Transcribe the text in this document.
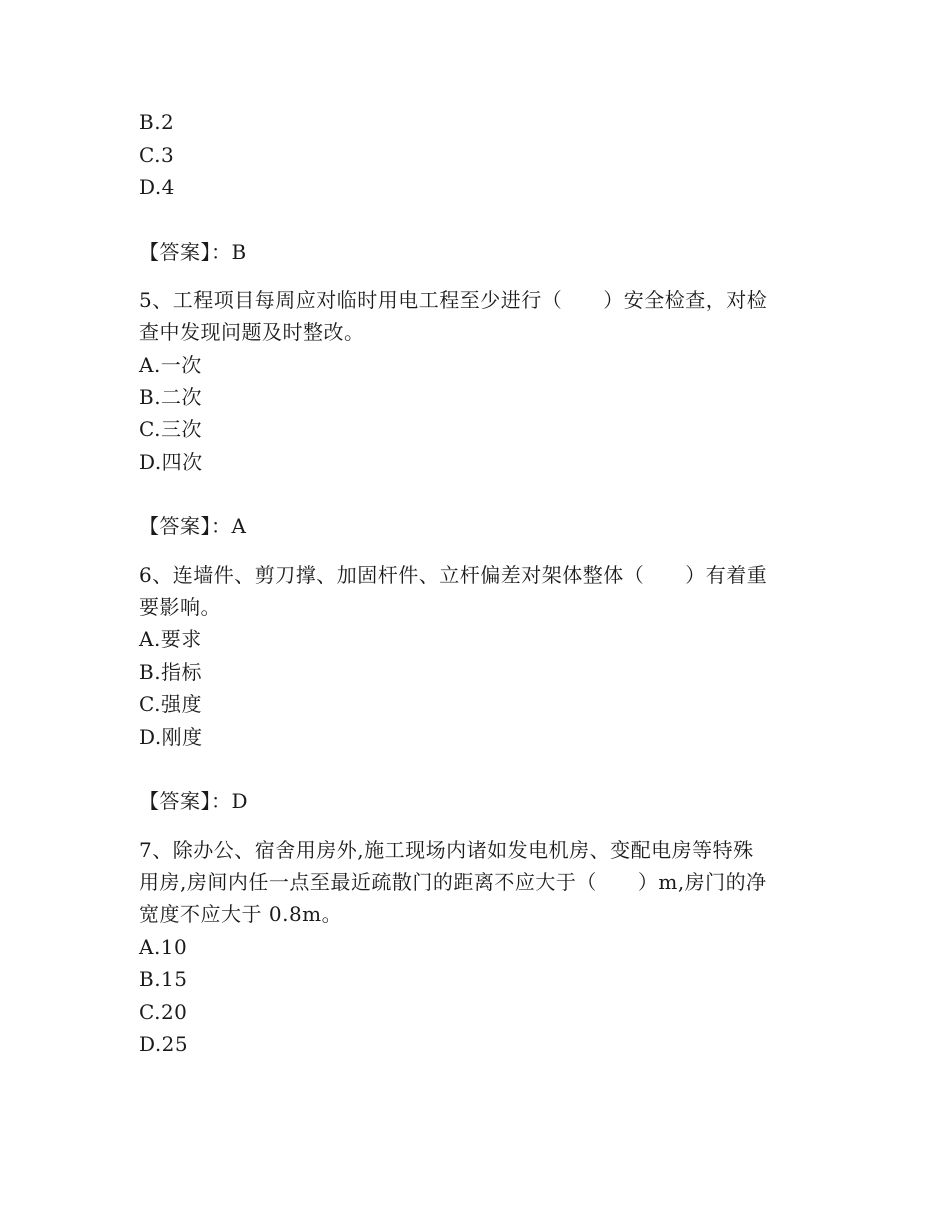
B.2
C.3
D.4
【答案】：B
5、工程项目每周应对临时用电工程至少进行（　　）安全检查，对检
查中发现问题及时整改。
A.一次
B.二次
C.三次
D.四次
【答案】：A
6、连墙件、剪刀撑、加固杆件、立杆偏差对架体整体（　　）有着重
要影响。
A.要求
B.指标
C.强度
D.刚度
【答案】：D
7、除办公、宿舍用房外,施工现场内诸如发电机房、变配电房等特殊
用房,房间内任一点至最近疏散门的距离不应大于（　　）m,房门的净
宽度不应大于 0.8m。
A.10
B.15
C.20
D.25
